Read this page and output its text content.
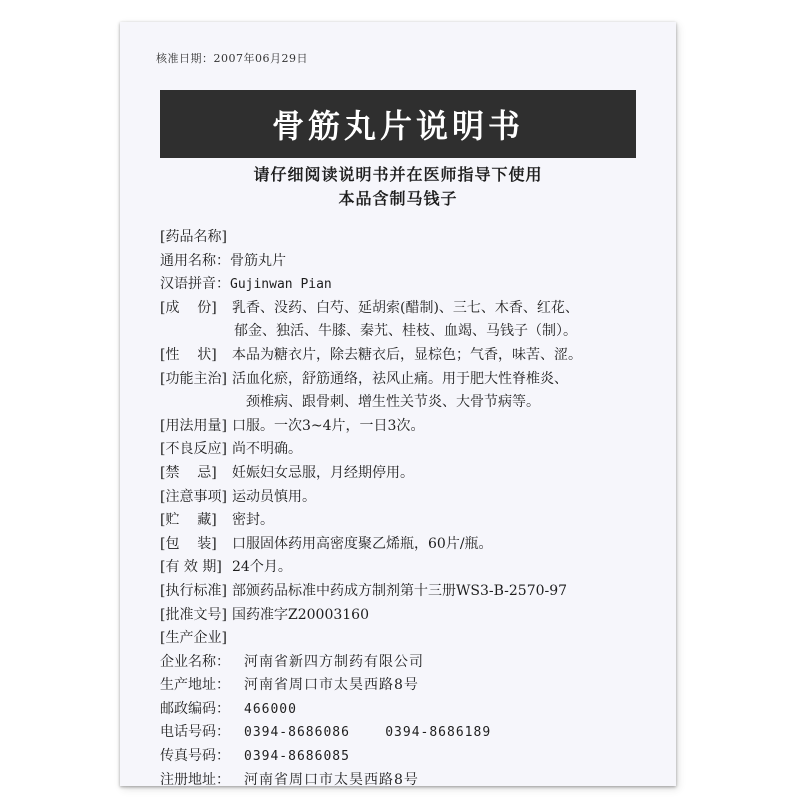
核准日期：2007年06月29日
骨筋丸片说明书
请仔细阅读说明书并在医师指导下使用
本品含制马钱子
[药品名称]
通用名称：骨筋丸片
汉语拼音：Gujinwan Pian
[成    份] 乳香、没药、白芍、延胡索(醋制)、三七、木香、红花、
郁金、独活、牛膝、秦艽、桂枝、血竭、马钱子（制）。
[性    状] 本品为糖衣片，除去糖衣后，显棕色；气香，味苦、涩。
[功能主治] 活血化瘀，舒筋通络，祛风止痛。用于肥大性脊椎炎、
颈椎病、跟骨刺、增生性关节炎、大骨节病等。
[用法用量] 口服。一次3~4片，一日3次。
[不良反应] 尚不明确。
[禁    忌] 妊娠妇女忌服，月经期停用。
[注意事项] 运动员慎用。
[贮    藏] 密封。
[包    装] 口服固体药用高密度聚乙烯瓶，60片/瓶。
[有 效 期] 24个月。
[执行标准] 部颁药品标准中药成方制剂第十三册WS3-B-2570-97
[批准文号] 国药准字Z20003160
[生产企业]
企业名称： 河南省新四方制药有限公司
生产地址： 河南省周口市太昊西路8号
邮政编码： 466000
电话号码： 0394-8686086    0394-8686189
传真号码： 0394-8686085
注册地址： 河南省周口市太昊西路8号
